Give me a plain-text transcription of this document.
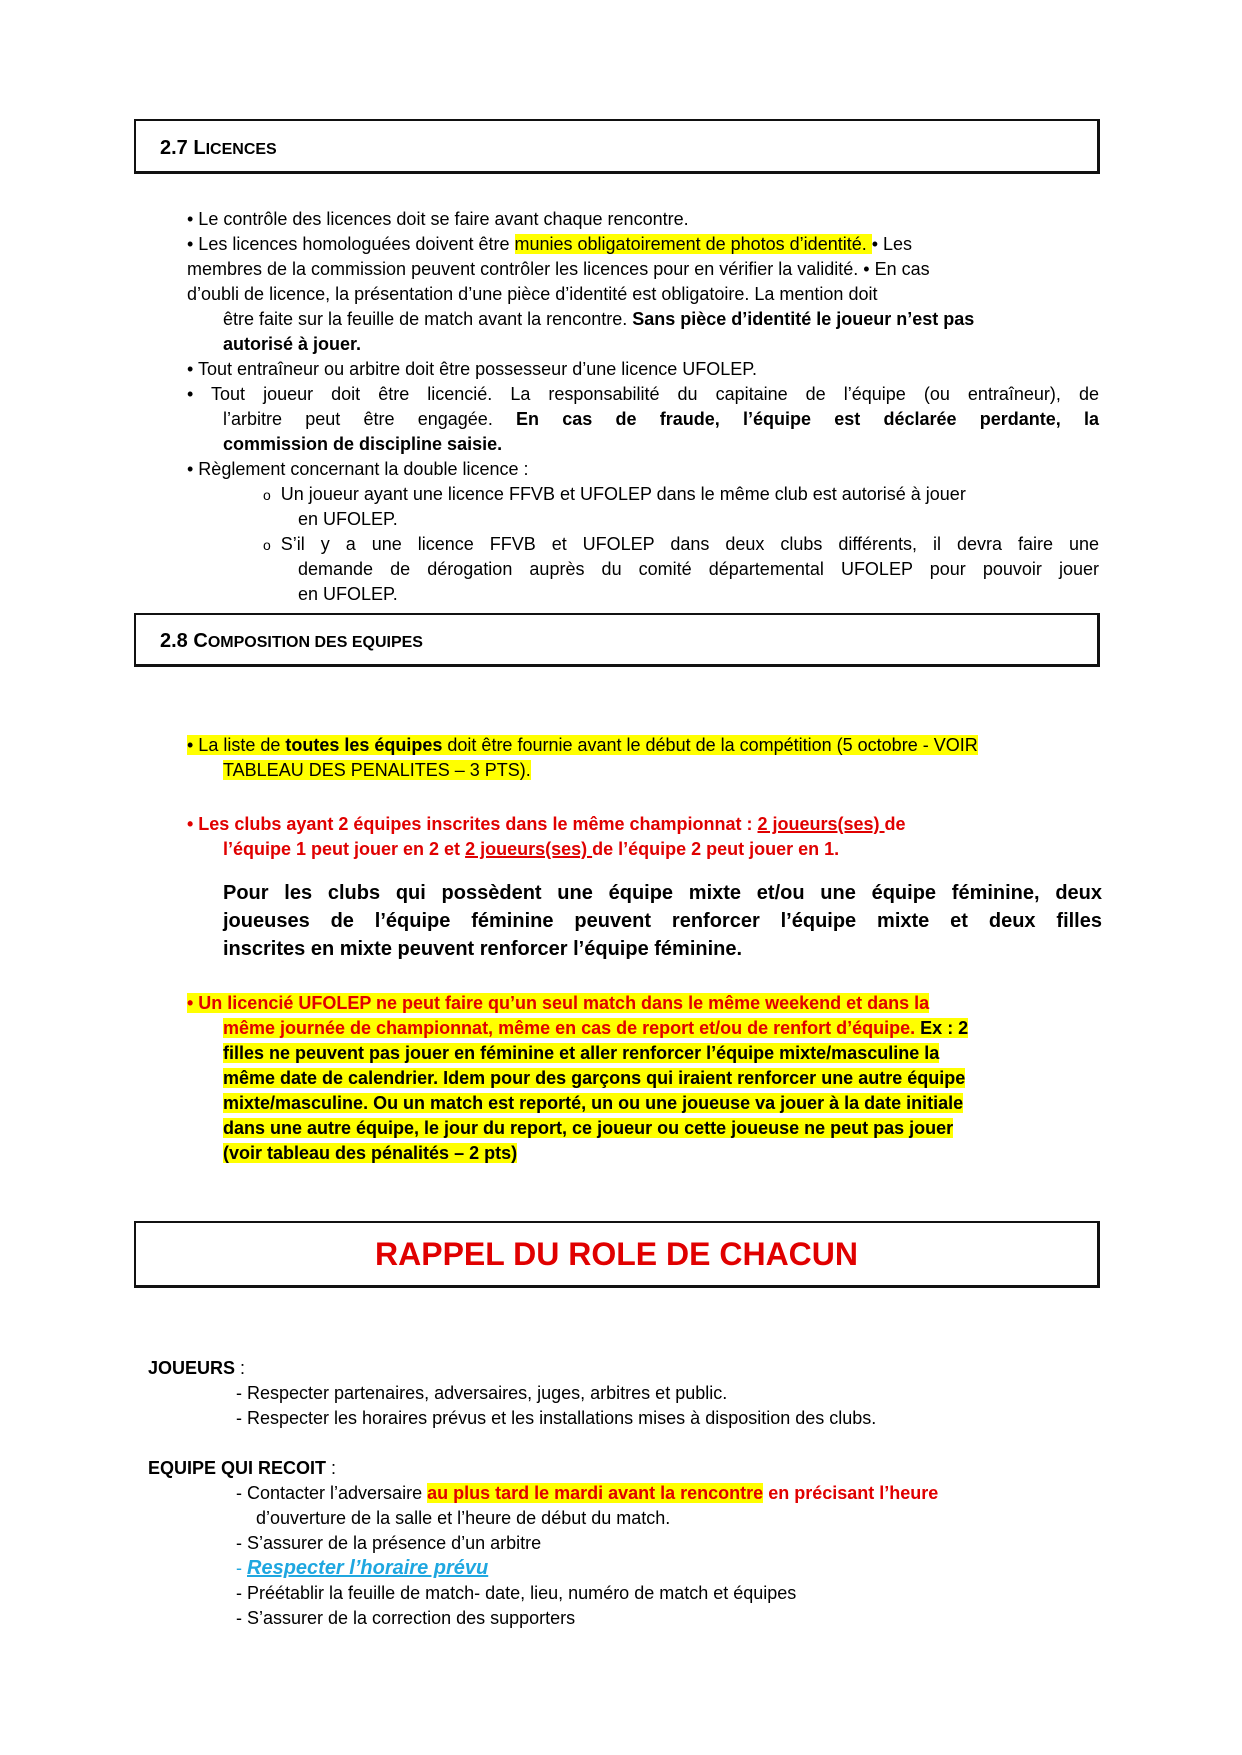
2.7 LICENCES
• Le contrôle des licences doit se faire avant chaque rencontre.
• Les licences homologuées doivent être munies obligatoirement de photos d’identité. • Les
membres de la commission peuvent contrôler les licences pour en vérifier la validité. • En cas
d’oubli de licence, la présentation d’une pièce d’identité est obligatoire. La mention doit
être faite sur la feuille de match avant la rencontre. Sans pièce d’identité le joueur n’est pas
autorisé à jouer.
• Tout entraîneur ou arbitre doit être possesseur d’une licence UFOLEP.
• Tout joueur doit être licencié. La responsabilité du capitaine de l’équipe (ou entraîneur), de
l’arbitre peut être engagée. En cas de fraude, l’équipe est déclarée perdante, la
commission de discipline saisie.
• Règlement concernant la double licence :
o Un joueur ayant une licence FFVB et UFOLEP dans le même club est autorisé à jouer
en UFOLEP.
o S’il y a une licence FFVB et UFOLEP dans deux clubs différents, il devra faire une
demande de dérogation auprès du comité départemental UFOLEP pour pouvoir jouer
en UFOLEP.
2.8 COMPOSITION DES EQUIPES
• La liste de toutes les équipes doit être fournie avant le début de la compétition (5 octobre - VOIR
TABLEAU DES PENALITES – 3 PTS).
• Les clubs ayant 2 équipes inscrites dans le même championnat : 2 joueurs(ses) de
l’équipe 1 peut jouer en 2 et 2 joueurs(ses) de l’équipe 2 peut jouer en 1.
Pour les clubs qui possèdent une équipe mixte et/ou une équipe féminine, deux
joueuses de l’équipe féminine peuvent renforcer l’équipe mixte et deux filles
inscrites en mixte peuvent renforcer l’équipe féminine.
• Un licencié UFOLEP ne peut faire qu’un seul match dans le même weekend et dans la
même journée de championnat, même en cas de report et/ou de renfort d’équipe. Ex : 2
filles ne peuvent pas jouer en féminine et aller renforcer l’équipe mixte/masculine la
même date de calendrier. Idem pour des garçons qui iraient renforcer une autre équipe
mixte/masculine. Ou un match est reporté, un ou une joueuse va jouer à la date initiale
dans une autre équipe, le jour du report, ce joueur ou cette joueuse ne peut pas jouer
(voir tableau des pénalités – 2 pts)
RAPPEL DU ROLE DE CHACUN
JOUEURS :
- Respecter partenaires, adversaires, juges, arbitres et public.
- Respecter les horaires prévus et les installations mises à disposition des clubs.
EQUIPE QUI RECOIT :
- Contacter l’adversaire au plus tard le mardi avant la rencontre en précisant l’heure
d’ouverture de la salle et l’heure de début du match.
- S’assurer de la présence d’un arbitre
- Respecter l’horaire prévu
- Préétablir la feuille de match- date, lieu, numéro de match et équipes
- S’assurer de la correction des supporters
